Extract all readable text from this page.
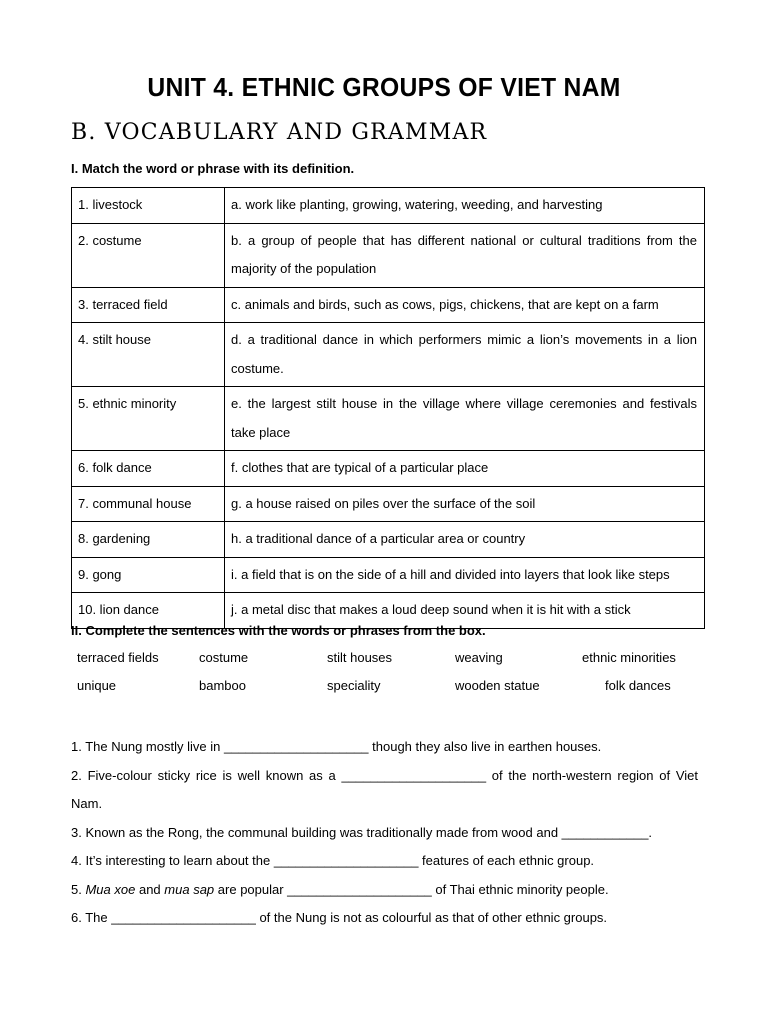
UNIT 4. ETHNIC GROUPS OF VIET NAM
B. VOCABULARY AND GRAMMAR
I. Match the word or phrase with its definition.
1. livestock	a. work like planting, growing, watering, weeding, and harvesting
2. costume	b. a group of people that has different national or cultural traditions from the majority of the population
3. terraced field	c. animals and birds, such as cows, pigs, chickens, that are kept on a farm
4. stilt house	d. a traditional dance in which performers mimic a lion’s movements in a lion costume.
5. ethnic minority	e. the largest stilt house in the village where village ceremonies and festivals take place
6. folk dance	f. clothes that are typical of a particular place
7. communal house	g. a house raised on piles over the surface of the soil
8. gardening	h. a traditional dance of a particular area or country
9. gong	i. a field that is on the side of a hill and divided into layers that look like steps
10. lion dance	j. a metal disc that makes a loud deep sound when it is hit with a stick
II. Complete the sentences with the words or phrases from the box.
terraced fields	costume	stilt houses	weaving	ethnic minorities
unique	bamboo	speciality	wooden statue	folk dances

1. The Nung mostly live in ____________________ though they also live in earthen houses.

2. Five-colour sticky rice is well known as a ____________________ of the north-western region of Viet Nam.

3. Known as the Rong, the communal building was traditionally made from wood and ____________.

4. It’s interesting to learn about the ____________________ features of each ethnic group.

5. Mua xoe and mua sap are popular ____________________ of Thai ethnic minority people.

6. The ____________________ of the Nung is not as colourful as that of other ethnic groups.
